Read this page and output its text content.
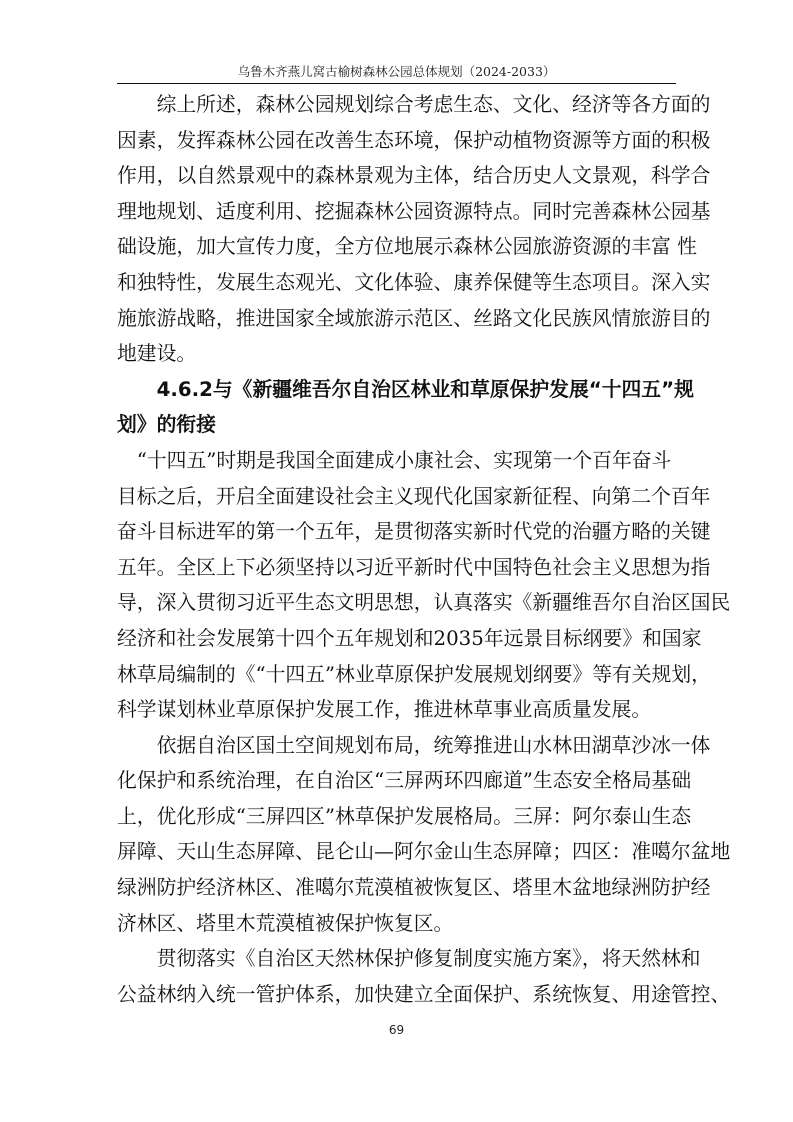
乌鲁木齐燕儿窝古榆树森林公园总体规划（2024-2033）
　　综上所述，森林公园规划综合考虑生态、文化、经济等各方面的
因素，发挥森林公园在改善生态环境，保护动植物资源等方面的积极
作用，以自然景观中的森林景观为主体，结合历史人文景观，科学合
理地规划、适度利用、挖掘森林公园资源特点。同时完善森林公园基
础设施，加大宣传力度，全方位地展示森林公园旅游资源的丰富 性
和独特性，发展生态观光、文化体验、康养保健等生态项目。深入实
施旅游战略，推进国家全域旅游示范区、丝路文化民族风情旅游目的
地建设。
　　4.6.2与《新疆维吾尔自治区林业和草原保护发展“十四五”规
划》的衔接
　“十四五”时期是我国全面建成小康社会、实现第一个百年奋斗
目标之后，开启全面建设社会主义现代化国家新征程、向第二个百年
奋斗目标进军的第一个五年，是贯彻落实新时代党的治疆方略的关键
五年。全区上下必须坚持以习近平新时代中国特色社会主义思想为指
导，深入贯彻习近平生态文明思想，认真落实《新疆维吾尔自治区国民
经济和社会发展第十四个五年规划和2035年远景目标纲要》和国家
林草局编制的《“十四五”林业草原保护发展规划纲要》等有关规划，
科学谋划林业草原保护发展工作，推进林草事业高质量发展。
　　依据自治区国土空间规划布局，统筹推进山水林田湖草沙冰一体
化保护和系统治理，在自治区“三屏两环四廊道”生态安全格局基础
上，优化形成“三屏四区”林草保护发展格局。三屏：阿尔泰山生态
屏障、天山生态屏障、昆仑山—阿尔金山生态屏障；四区：准噶尔盆地
绿洲防护经济林区、准噶尔荒漠植被恢复区、塔里木盆地绿洲防护经
济林区、塔里木荒漠植被保护恢复区。
　　贯彻落实《自治区天然林保护修复制度实施方案》，将天然林和
公益林纳入统一管护体系，加快建立全面保护、系统恢复、用途管控、
69
